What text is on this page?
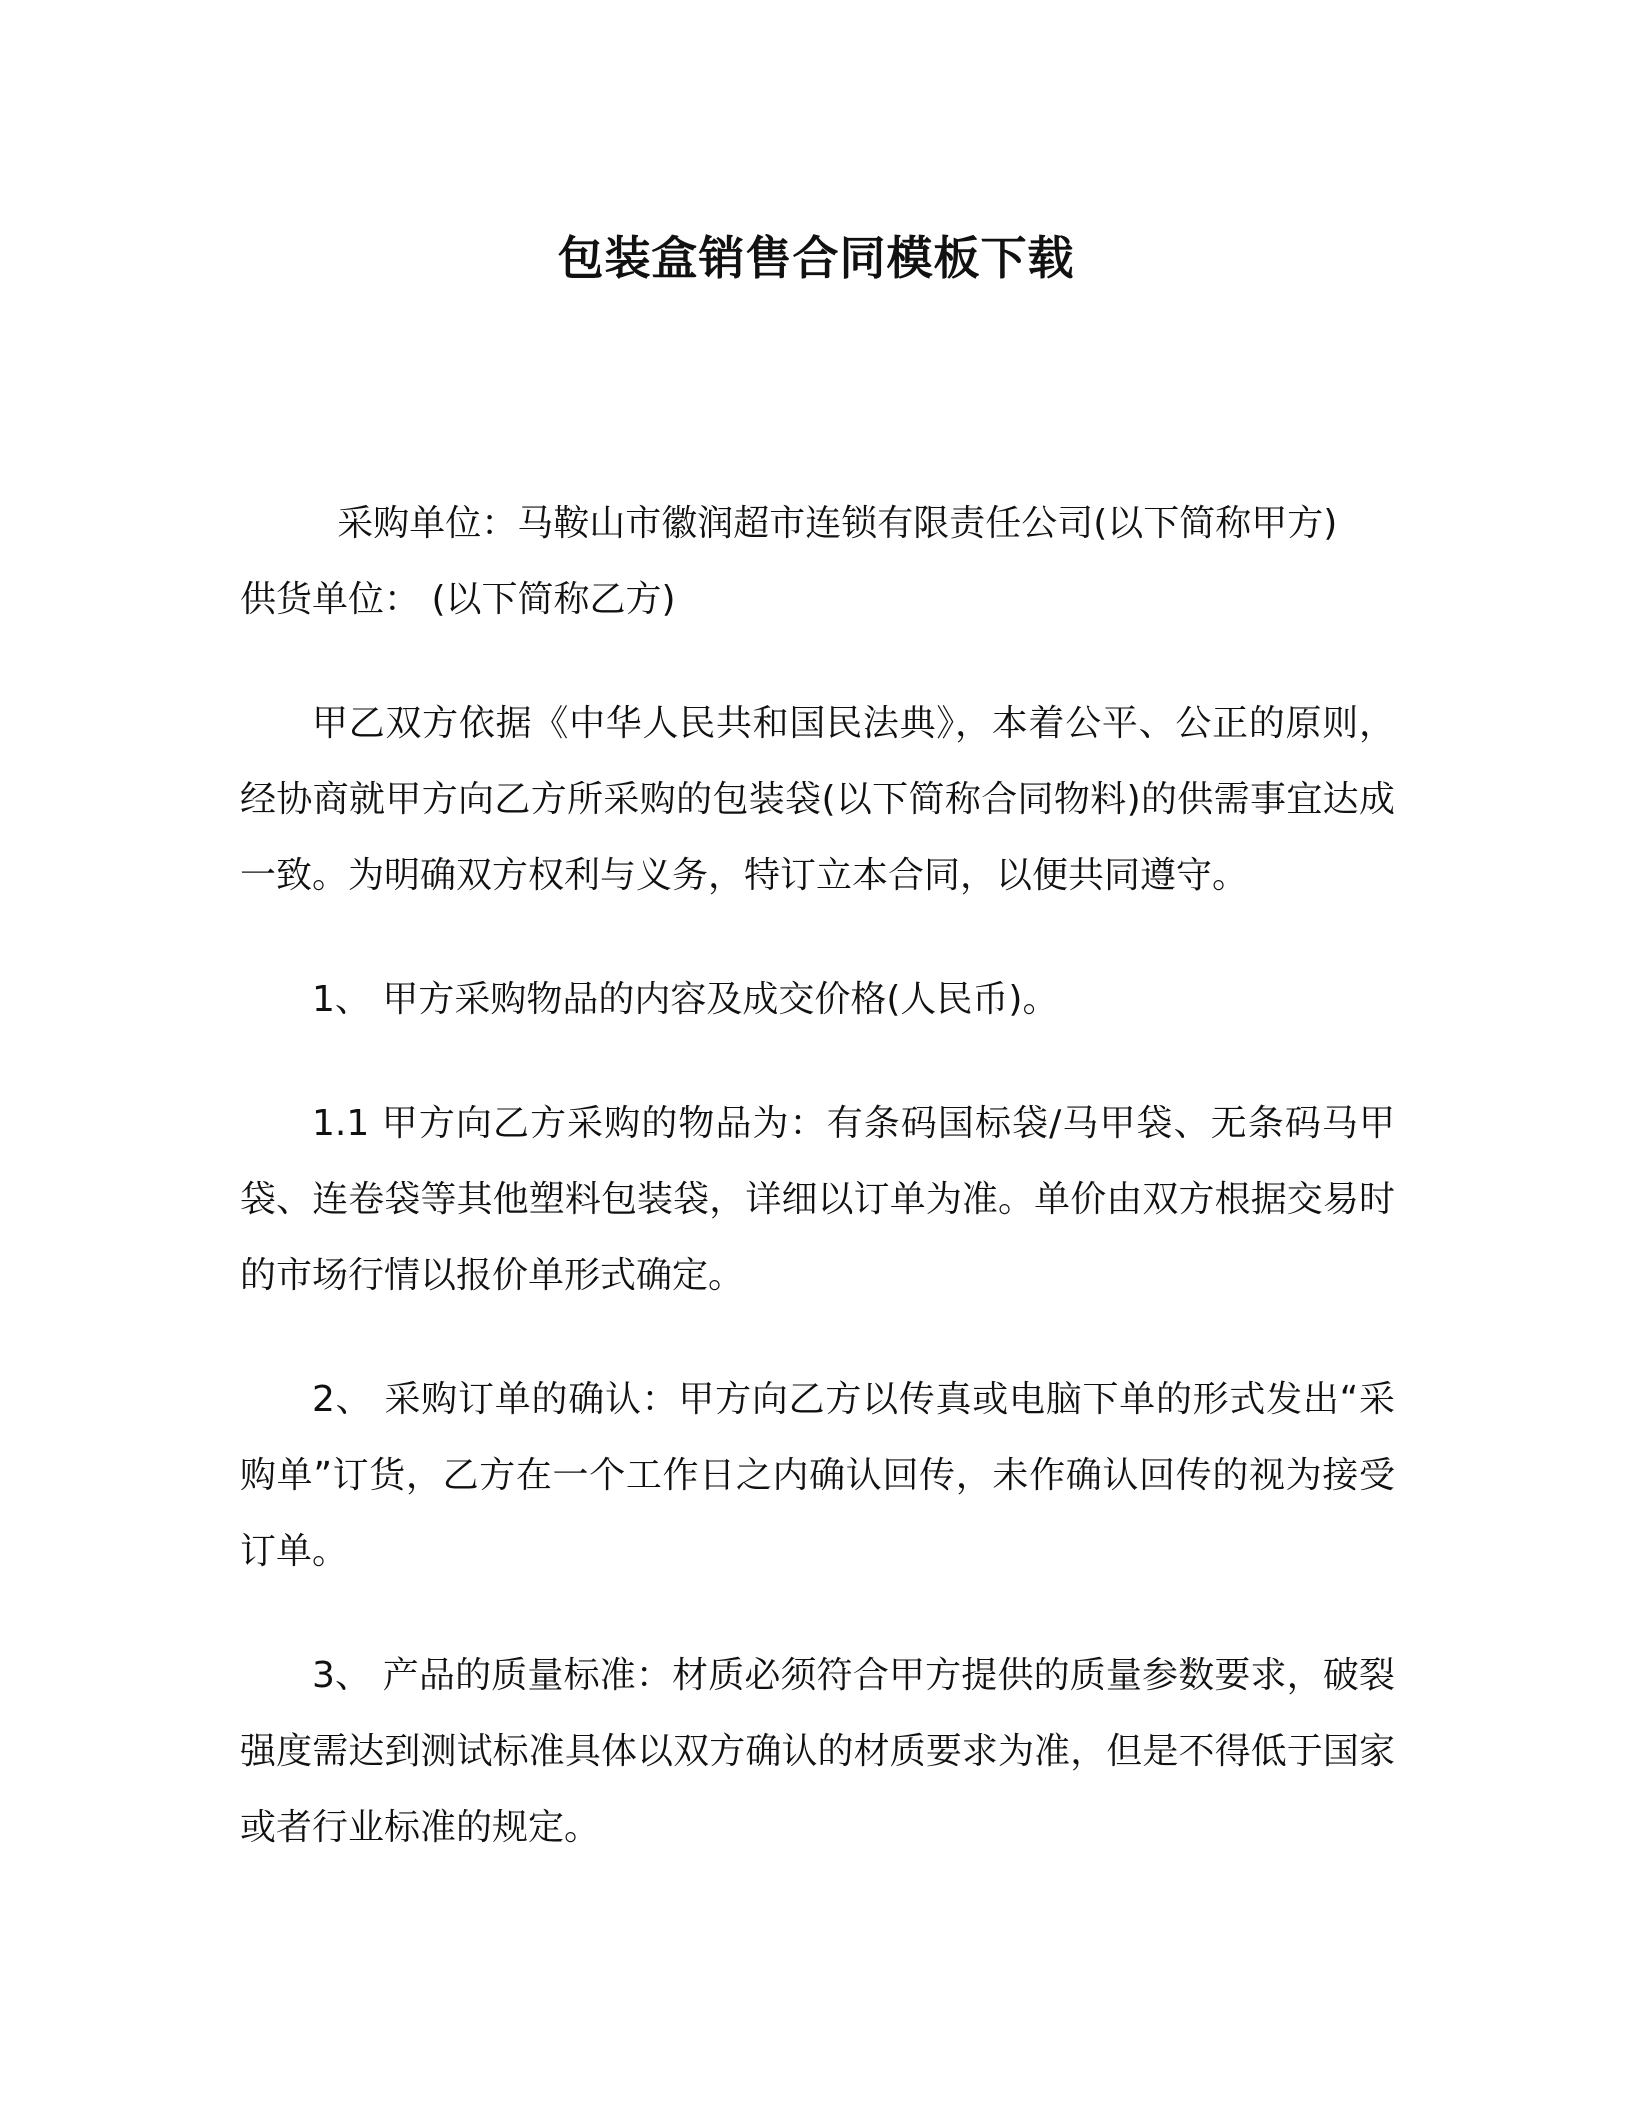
包装盒销售合同模板下载

采购单位：马鞍山市徽润超市连锁有限责任公司(以下简称甲方)

供货单位： (以下简称乙方)

甲乙双方依据《中华人民共和国民法典》，本着公平、公正的原则，经协商就甲方向乙方所采购的包装袋(以下简称合同物料)的供需事宜达成一致。为明确双方权利与义务，特订立本合同，以便共同遵守。

1、 甲方采购物品的内容及成交价格(人民币)。

1.1 甲方向乙方采购的物品为：有条码国标袋/马甲袋、无条码马甲袋、连卷袋等其他塑料包装袋，详细以订单为准。单价由双方根据交易时的市场行情以报价单形式确定。

2、 采购订单的确认：甲方向乙方以传真或电脑下单的形式发出“采购单”订货，乙方在一个工作日之内确认回传，未作确认回传的视为接受订单。

3、 产品的质量标准：材质必须符合甲方提供的质量参数要求，破裂强度需达到测试标准具体以双方确认的材质要求为准，但是不得低于国家或者行业标准的规定。
